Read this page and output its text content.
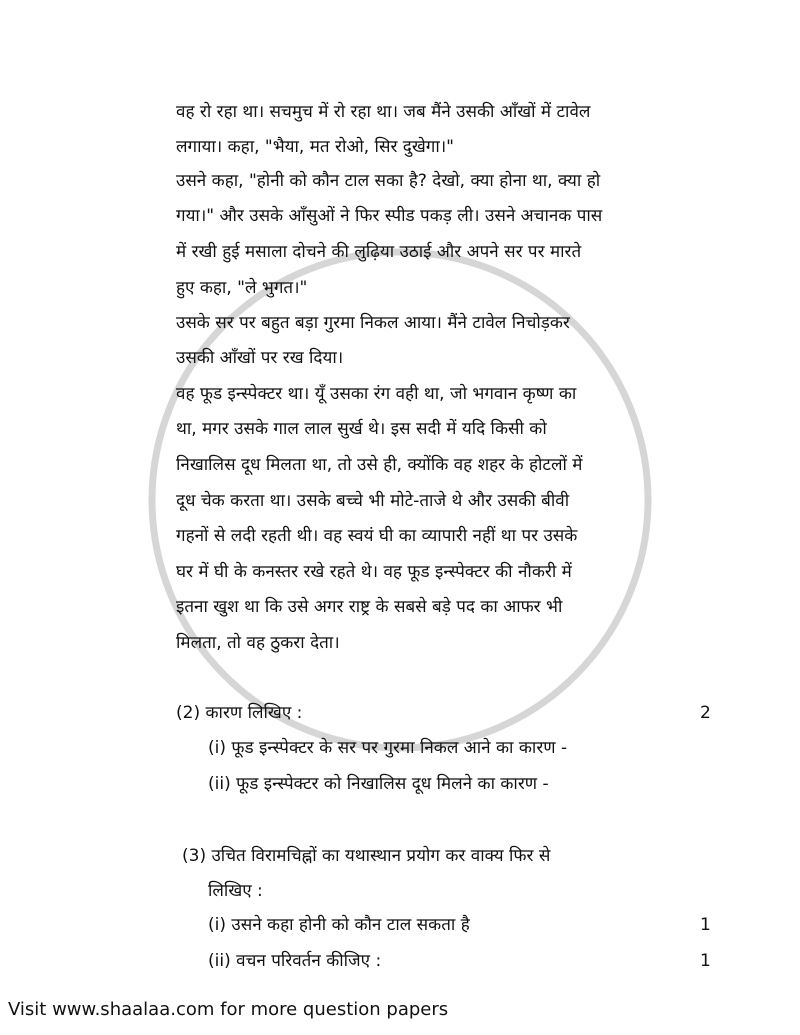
वह रो रहा था। सचमुच में रो रहा था। जब मैंने उसकी आँखों में टावेल
लगाया। कहा, "भैया, मत रोओ, सिर दुखेगा।"
उसने कहा, "होनी को कौन टाल सका है? देखो, क्या होना था, क्या हो
गया।" और उसके आँसुओं ने फिर स्पीड पकड़ ली। उसने अचानक पास
में रखी हुई मसाला दोचने की लुढ़िया उठाई और अपने सर पर मारते
हुए कहा, "ले भुगत।"
उसके सर पर बहुत बड़ा गुरमा निकल आया। मैंने टावेल निचोड़कर
उसकी आँखों पर रख दिया।
वह फूड इन्स्पेक्टर था। यूँ उसका रंग वही था, जो भगवान कृष्ण का
था, मगर उसके गाल लाल सुर्ख थे। इस सदी में यदि किसी को
निखालिस दूध मिलता था, तो उसे ही, क्योंकि वह शहर के होटलों में
दूध चेक करता था। उसके बच्चे भी मोटे-ताजे थे और उसकी बीवी
गहनों से लदी रहती थी। वह स्वयं घी का व्यापारी नहीं था पर उसके
घर में घी के कनस्तर रखे रहते थे। वह फूड इन्स्पेक्टर की नौकरी में
इतना खुश था कि उसे अगर राष्ट्र के सबसे बड़े पद का आफर भी
मिलता, तो वह ठुकरा देता।
(2) कारण लिखिए :	2
(i) फूड इन्स्पेक्टर के सर पर गुरमा निकल आने का कारण -
(ii) फूड इन्स्पेक्टर को निखालिस दूध मिलने का कारण -
(3) उचित विरामचिह्नों का यथास्थान प्रयोग कर वाक्य फिर से
लिखिए :
(i) उसने कहा होनी को कौन टाल सकता है	1
(ii) वचन परिवर्तन कीजिए :	1
Visit www.shaalaa.com for more question papers
